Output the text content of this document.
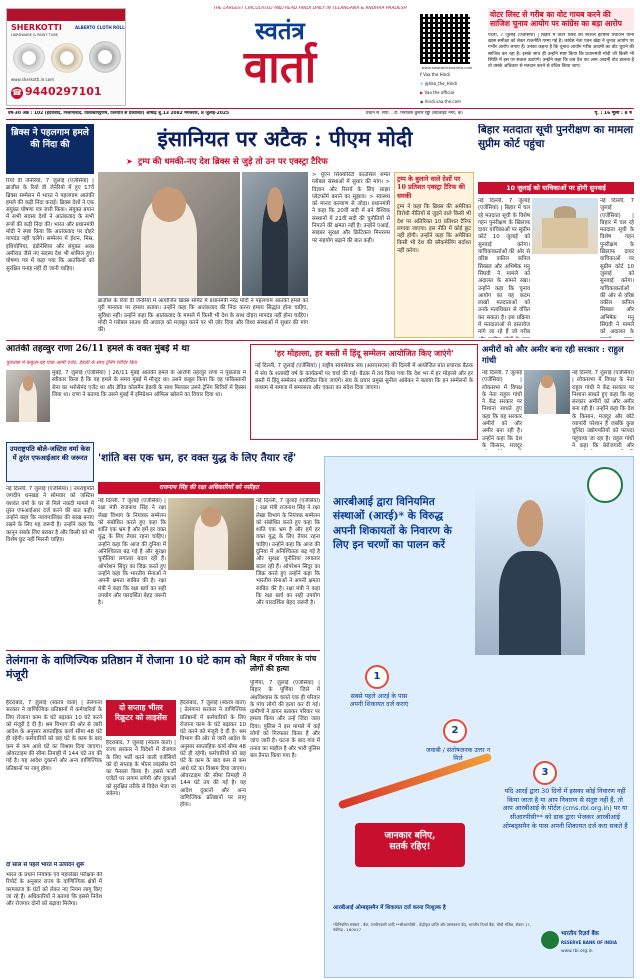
SHERKOTTI
HARDWARE & PAINT TUBE
ALBERTO CLOTH ROLL
www.sherkotti.in.com
☎ 9440297101
THE LARGEST CIRCULATED AND READ HINDI DAILY IN TELANGANA & ANDHRA PRADESH
स्वतंत्र
वार्ता	www.swatantravaarta.com
f Vaa the Hindi
✕ @Vaa_the_Hindi
▶ Vaa the official
◉ hindi.vaa.the.com
वोटर लिस्ट से गरीब का वोट गायब करने की साजिश चुनाव आयोग पर कांग्रेस का बड़ा आरोप
पटना, 7 जुलाई (एजेंसियां) | बिहार में वोटर लिस्ट की स्पेशल इंटेंसिव रिवीजन यानी खास समीक्षा को लेकर राजनीति गरमा गई है। कांग्रेस नेता पवन खेड़ा ने चुनाव आयोग पर गंभीर आरोप लगाए हैं। उनका कहना है कि चुनाव आयोग गरीब आदमी का वोट चुराने की साजिश कर रहा है। इसके साथ ही उन्होंने स्पष्ट किया कि प्रधानमंत्री मोदी जी किसी भी स्थिति में इस पर सवाल उठाएंगे। उन्होंने कहा कि जब देश का आम आदमी वोट डालता है तो उसके अधिकार से मतदान करने से वंचित किया जाए।
वर्ष-30 अंक : 102 (हैदराबाद, निजामाबाद, विशाखापट्टणम, तिरुपति से प्रकाशित) आषाढ़ शु.13 2082 मंगलवार, 8 जुलाई-2025	प्रधान स. संपा. : टी. निरंजिस कुमार रेड्डी (सेटलाइट नगर, क)	पृ. : 16 मूल्य : 8 रु
ब्रिक्स ने पहलगाम हमले की निंदा की
रियो डी जेनेरियो, 7 जुलाई (एजेंसियां) | ब्राज़ील के रियो डी जेनेरियो में हुए 17वें ब्रिक्स सम्मेलन में भारत ने पहलगाम आतंकी हमले की कड़ी निंदा कराई। ब्रिक्स देशों ने एक संयुक्त घोषणा पत्र जारी किया। संयुक्त बयान में सभी सदस्य देशों ने आतंकवाद के सभी रूपों की कड़ी निंदा की। भारत और प्रधानमंत्री मोदी ने स्पष्ट किया कि आतंकवाद पर दोहरे मापदंड नहीं चलेंगे। सम्मेलन में ईरान, मिस्र, इथियोपिया, इंडोनेशिया और संयुक्त अरब अमीरात जैसे नए सदस्य देश भी शामिल हुए। घोषणा पत्र में कहा गया कि आतंकियों को सुरक्षित पनाह नहीं दी जानी चाहिए।
इंसानियत पर अटैक : पीएम मोदी
➤ ट्रम्प की धमकी-नए देश ब्रिक्स से जुड़े तो उन पर एक्स्ट्रा टैरिफ
ब्राज़ील के रियो डी जेनेरियो में आयोजित ब्रिक्स समिट में प्रधानमंत्री नरेंद्र मोदी ने पहलगाम आतंकी हमले को पूरी मानवता पर हमला बताया। उन्होंने कहा कि आतंकवाद की निंदा करना हमारा सिद्धांत होना चाहिए, सुविधा नहीं। उन्होंने कहा कि आतंकवाद के मामले में किसी भी देश के साथ दोहरा मापदंड नहीं होना चाहिए। मोदी ने ग्लोबल साउथ की आवाज़ को मज़बूत करने पर भी ज़ोर दिया और विश्व संस्थाओं में सुधार की मांग की।
> यूएन सिक्योरिटी काउंसिल समेत ग्लोबल संस्थाओं में सुधार की मांग। > विज्ञान और रिसर्च के लिए साझा प्लेटफॉर्म बनाने का सुझाव। > स्वास्थ्य को मानव कल्याण से जोड़ा। प्रधानमंत्री ने कहा कि 20वीं सदी में बने वैश्विक संस्थानों में 21वीं सदी की चुनौतियों से निपटने की क्षमता नहीं है। उन्होंने एआई, साइबर सुरक्षा और क्रिटिकल मिनरल्स पर सहयोग बढ़ाने की बात कही।
ट्रम्प के बुलाने वाले देशों पर 10 प्रतिशत एक्स्ट्रा टैरिफ की धमकी
ट्रम्प ने कहा कि ब्रिक्स की अमेरिका विरोधी नीतियों से जुड़ने वाले किसी भी देश पर अतिरिक्त 10 प्रतिशत टैरिफ लगाया जाएगा। इस नीति में कोई छूट नहीं होगी। उन्होंने कहा कि अमेरिका किसी भी देश की ब्लैकमेलिंग बर्दाश्त नहीं करेगा।
बिहार मतदाता सूची पुनरीक्षण का मामला सुप्रीम कोर्ट पहुंचा
10 जुलाई को याचिकाओं पर होगी सुनवाई
नई दिल्ली, 7 जुलाई (एजेंसियां) | बिहार में चल रहे मतदाता सूची के विशेष गहन पुनरीक्षण के खिलाफ दायर याचिकाओं पर सुप्रीम कोर्ट 10 जुलाई को सुनवाई करेगा। याचिकाकर्ताओं की ओर से वरिष्ठ वकील कपिल सिब्बल और अभिषेक मनु सिंघवी ने मामले को अदालत के सामने रखा। उन्होंने कहा कि चुनाव आयोग का यह कदम लाखों मतदाताओं को उनके मताधिकार से वंचित कर सकता है। इस प्रक्रिया में मतदाताओं से दस्तावेज मांगे जा रहे हैं जो गरीब
नई दिल्ली, 7 जुलाई (एजेंसियां) | बिहार में चल रहे मतदाता सूची के विशेष गहन पुनरीक्षण के खिलाफ दायर याचिकाओं पर सुप्रीम कोर्ट 10 जुलाई को सुनवाई करेगा। याचिकाकर्ताओं की ओर से वरिष्ठ वकील कपिल सिब्बल और अभिषेक मनु सिंघवी ने मामले को अदालत के
आतंकी तहव्वुर राणा 26/11 हमले के वक्त मुंबई में था
पूछताछ में कबूला-वह पाक आर्मी एजेंट, हेडली के साथ ट्रेनिंग शिविर किए
मुंबई, 7 जुलाई (एजेंसियां) | 26/11 मुंबई आतंकी हमले के आरोपी तहव्वुर राणा ने पूछताछ में स्वीकार किया है कि वह हमले के समय मुंबई में मौजूद था। उसने कबूल किया कि वह पाकिस्तानी सेना का भरोसेमंद एजेंट था और डेविड कोलमैन हेडली के साथ मिलकर उसने ट्रेनिंग शिविरों में हिस्सा लिया था। राणा ने बताया कि उसने मुंबई में इमिग्रेशन ऑफिस खोलने का विचार दिया था।
'हर मोहल्ला, हर बस्ती में हिंदू सम्मेलन आयोजित किए जाएंगे'
नई दिल्ली, 7 जुलाई (एजेंसियां) | राष्ट्रीय स्वयंसेवक संघ (आरएसएस) की दिल्ली में आयोजित प्रांत प्रचारक बैठक में संघ के शताब्दी वर्ष के कार्यक्रमों पर चर्चा की गई। बैठक में तय किया गया कि देश भर में हर मोहल्ले और हर बस्ती में हिंदू सम्मेलन आयोजित किए जाएंगे। संघ के प्रचार प्रमुख सुनील आंबेकर ने बताया कि इन सम्मेलनों के माध्यम से समाज में समरसता और एकता का संदेश दिया जाएगा।
अमीरों को और अमीर बना रही सरकार : राहुल गांधी
नई दिल्ली, 7 जुलाई (एजेंसियां) | लोकसभा में विपक्ष के नेता राहुल गांधी ने केंद्र सरकार पर निशाना साधते हुए कहा कि यह सरकार अमीरों को और अमीर बना रही है। उन्होंने कहा कि देश के किसान, मजदूर
नई दिल्ली, 7 जुलाई (एजेंसियां) | लोकसभा में विपक्ष के नेता राहुल गांधी ने केंद्र सरकार पर निशाना साधते हुए कहा कि यह सरकार अमीरों को और अमीर बना रही है। उन्होंने कहा कि देश के किसान, मजदूर और छोटे व्यापारी परेशान हैं जबकि कुछ चुनिंदा उद्योगपतियों को फायदा पहुंचाया जा रहा है। राहुल गांधी ने कहा कि बेरोजगारी और
उपराष्ट्रपति बोले-जस्टिस वर्मा केस में तुरंत एफआईआर की जरूरत
नई दिल्ली, 7 जुलाई (एजेंसियां) | उपराष्ट्रपति जगदीप धनखड़ ने सोमवार को जस्टिस यशवंत वर्मा के घर से मिले नकदी मामले में तुरंत एफआईआर दर्ज करने की बात कही। उन्होंने कहा कि न्यायपालिका की साख बनाए रखने के लिए यह जरूरी है। उन्होंने कहा कि कानून सबके लिए बराबर है और किसी को भी विशेष छूट नहीं मिलनी चाहिए।
'शांति बस एक भ्रम, हर वक्त युद्ध के लिए तैयार रहें'
राजनाथ सिंह की रक्षा अधिकारियों को नसीहत
नई दिल्ली, 7 जुलाई (एजेंसियां) | रक्षा मंत्री राजनाथ सिंह ने रक्षा लेखा विभाग के नियंत्रक सम्मेलन को संबोधित करते हुए कहा कि शांति एक भ्रम है और हमें हर वक्त युद्ध के लिए तैयार रहना चाहिए। उन्होंने कहा कि आज की दुनिया में अनिश्चितता बढ़ गई है और सुरक्षा चुनौतियां लगातार बदल रही हैं। ऑपरेशन सिंदूर का जिक्र करते हुए उन्होंने कहा कि भारतीय सेनाओं ने अपनी क्षमता साबित की है। रक्षा मंत्री ने कहा कि रक्षा खर्च का सही उपयोग और पारदर्शिता बेहद जरूरी है।
नई दिल्ली, 7 जुलाई (एजेंसियां) | रक्षा मंत्री राजनाथ सिंह ने रक्षा लेखा विभाग के नियंत्रक सम्मेलन को संबोधित करते हुए कहा कि शांति एक भ्रम है और हमें हर वक्त युद्ध के लिए तैयार रहना चाहिए। उन्होंने कहा कि आज की दुनिया में अनिश्चितता बढ़ गई है और सुरक्षा चुनौतियां लगातार बदल रही हैं। ऑपरेशन सिंदूर का जिक्र करते हुए उन्होंने कहा कि भारतीय सेनाओं ने अपनी क्षमता साबित की है। रक्षा मंत्री ने कहा कि रक्षा खर्च का सही उपयोग और पारदर्शिता बेहद जरूरी है।
आरबीआई द्वारा विनियमित संस्थाओं (आरई)* के विरुद्ध अपनी शिकायतों के निवारण के लिए इन चरणों का पालन करें
1
सबसे पहले आरई के पास अपनी शिकायत दर्ज कराएं
2
जवाबी / संतोषजनक उत्तर न मिले
3
यदि आरई द्वारा 30 दिनों में इसका कोई निवारण नहीं किया जाता है या आप निवारण से संतुष्ट नहीं हैं, तो आप आरबीआई के पोर्टल (cms.rbi.org.in) पर या सीआरपीसी** को डाक द्वारा भेजकर आरबीआई ओम्बड्समैन के पास अपनी शिकायत दर्ज करा सकते हैं
जानकार बनिए,
सतर्क रहिए!
आरबीआई ओम्बड्समैन में शिकायत दर्ज करना निःशुल्क है
*विनियमित संस्थाएं - बैंक, एनबीएफसी आदि **सीआरपीसी - केंद्रीकृत प्राप्ति और प्रसंस्करण केंद्र, भारतीय रिज़र्व बैंक, चौथी मंजिल, सेक्टर 17, चंडीगढ़ - 160017
भारतीय रिज़र्व बैंक
RESERVE BANK OF INDIA
www.rbi.org.in
तेलंगाना के वाणिज्यिक प्रतिष्ठान में रोजाना 10 घंटे काम को मंजूरी
हैदराबाद, 7 जुलाई (स्वतंत्र वार्ता) | तेलंगाना सरकार ने वाणिज्यिक प्रतिष्ठानों में कर्मचारियों के लिए रोजाना काम के घंटे बढ़ाकर 10 घंटे करने को मंजूरी दे दी है। श्रम विभाग की ओर से जारी आदेश के अनुसार साप्ताहिक कार्य सीमा 48 घंटे ही रहेगी। कर्मचारियों को छह घंटे के काम के बाद कम से कम आधे घंटे का विश्राम दिया जाएगा। ओवरटाइम की सीमा तिमाही में 144 घंटे तय की गई है। यह आदेश दुकानों और अन्य वाणिज्यिक प्रतिष्ठानों पर लागू होगा।
दो साल से पहले भारत में उत्पादन शुरू
भारत के प्रधान नियंत्रक एवं महालेखा परीक्षक की रिपोर्ट के अनुसार राज्य के वाणिज्यिक क्षेत्रों में कामकाज के घंटों को लेकर नए नियम लागू किए जा रहे हैं। अधिकारियों ने बताया कि इससे निवेश और रोजगार दोनों को बढ़ावा मिलेगा।
दो सप्ताह भीतर रिक्रूटर को लाइसेंस
हैदराबाद, 7 जुलाई (स्वतंत्र वार्ता) | राज्य सरकार ने विदेशों में रोजगार के लिए भर्ती करने वाली एजेंसियों को दो सप्ताह के भीतर लाइसेंस देने का फैसला किया है। इससे फर्जी एजेंटों पर लगाम लगेगी और युवाओं को सुरक्षित तरीके से विदेश भेजा जा सकेगा।
हैदराबाद, 7 जुलाई (स्वतंत्र वार्ता) | तेलंगाना सरकार ने वाणिज्यिक प्रतिष्ठानों में कर्मचारियों के लिए रोजाना काम के घंटे बढ़ाकर 10 घंटे करने को मंजूरी दे दी है। श्रम विभाग की ओर से जारी आदेश के अनुसार साप्ताहिक कार्य सीमा 48 घंटे ही रहेगी। कर्मचारियों को छह घंटे के काम के बाद कम से कम आधे घंटे का विश्राम दिया जाएगा। ओवरटाइम की सीमा तिमाही में 144 घंटे तय की गई है। यह आदेश दुकानों और अन्य वाणिज्यिक प्रतिष्ठानों पर लागू होगा।
बिहार में परिवार के पांच लोगों की हत्या
पूर्णिया, 7 जुलाई (एजेंसियां) | बिहार के पूर्णिया जिले में अंधविश्वास के चलते एक ही परिवार के पांच लोगों की हत्या कर दी गई। ग्रामीणों ने डायन बताकर परिवार पर हमला किया और उन्हें जिंदा जला दिया। पुलिस ने इस मामले में कई लोगों को गिरफ्तार किया है और जांच जारी है। घटना के बाद गांव में तनाव का माहौल है और भारी पुलिस बल तैनात किया गया है।
